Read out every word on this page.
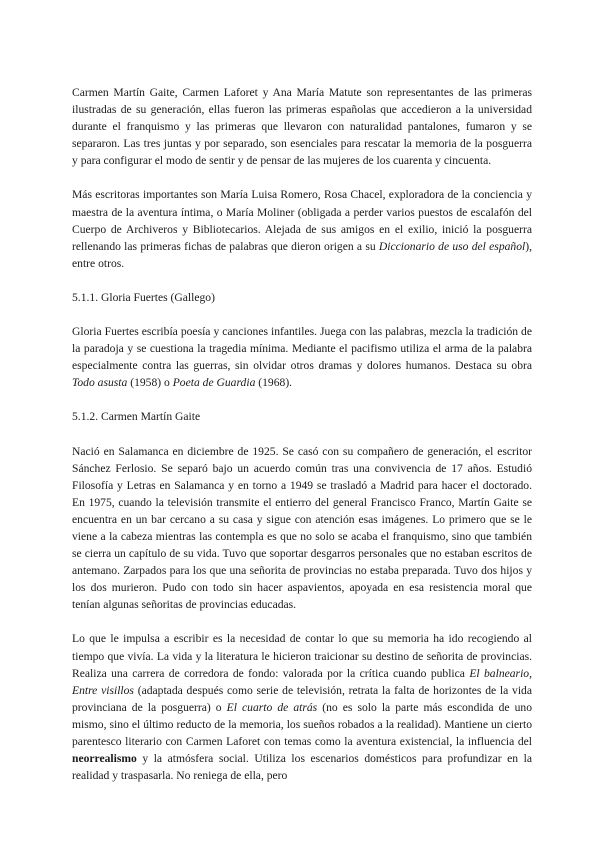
Carmen Martín Gaite, Carmen Laforet y Ana María Matute son representantes de las primeras ilustradas de su generación, ellas fueron las primeras españolas que accedieron a la universidad durante el franquismo y las primeras que llevaron con naturalidad pantalones, fumaron y se separaron. Las tres juntas y por separado, son esenciales para rescatar la memoria de la posguerra y para configurar el modo de sentir y de pensar de las mujeres de los cuarenta y cincuenta.

Más escritoras importantes son María Luisa Romero, Rosa Chacel, exploradora de la conciencia y maestra de la aventura íntima, o María Moliner (obligada a perder varios puestos de escalafón del Cuerpo de Archiveros y Bibliotecarios. Alejada de sus amigos en el exilio, inició la posguerra rellenando las primeras fichas de palabras que dieron origen a su Diccionario de uso del español), entre otros.

5.1.1. Gloria Fuertes (Gallego)

Gloria Fuertes escribía poesía y canciones infantiles. Juega con las palabras, mezcla la tradición de la paradoja y se cuestiona la tragedia mínima. Mediante el pacifismo utiliza el arma de la palabra especialmente contra las guerras, sin olvidar otros dramas y dolores humanos. Destaca su obra Todo asusta (1958) o Poeta de Guardia (1968).

5.1.2. Carmen Martín Gaite

Nació en Salamanca en diciembre de 1925. Se casó con su compañero de generación, el escritor Sánchez Ferlosio. Se separó bajo un acuerdo común tras una convivencia de 17 años. Estudió Filosofía y Letras en Salamanca y en torno a 1949 se trasladó a Madrid para hacer el doctorado. En 1975, cuando la televisión transmite el entierro del general Francisco Franco, Martín Gaite se encuentra en un bar cercano a su casa y sigue con atención esas imágenes. Lo primero que se le viene a la cabeza mientras las contempla es que no solo se acaba el franquismo, sino que también se cierra un capítulo de su vida. Tuvo que soportar desgarros personales que no estaban escritos de antemano. Zarpados para los que una señorita de provincias no estaba preparada. Tuvo dos hijos y los dos murieron. Pudo con todo sin hacer aspavientos, apoyada en esa resistencia moral que tenían algunas señoritas de provincias educadas.

Lo que le impulsa a escribir es la necesidad de contar lo que su memoria ha ido recogiendo al tiempo que vivía. La vida y la literatura le hicieron traicionar su destino de señorita de provincias. Realiza una carrera de corredora de fondo: valorada por la crítica cuando publica El balneario, Entre visillos (adaptada después como serie de televisión, retrata la falta de horizontes de la vida provinciana de la posguerra) o El cuarto de atrás (no es solo la parte más escondida de uno mismo, sino el último reducto de la memoria, los sueños robados a la realidad). Mantiene un cierto parentesco literario con Carmen Laforet con temas como la aventura existencial, la influencia del neorrealismo y la atmósfera social. Utiliza los escenarios domésticos para profundizar en la realidad y traspasarla. No reniega de ella, pero
